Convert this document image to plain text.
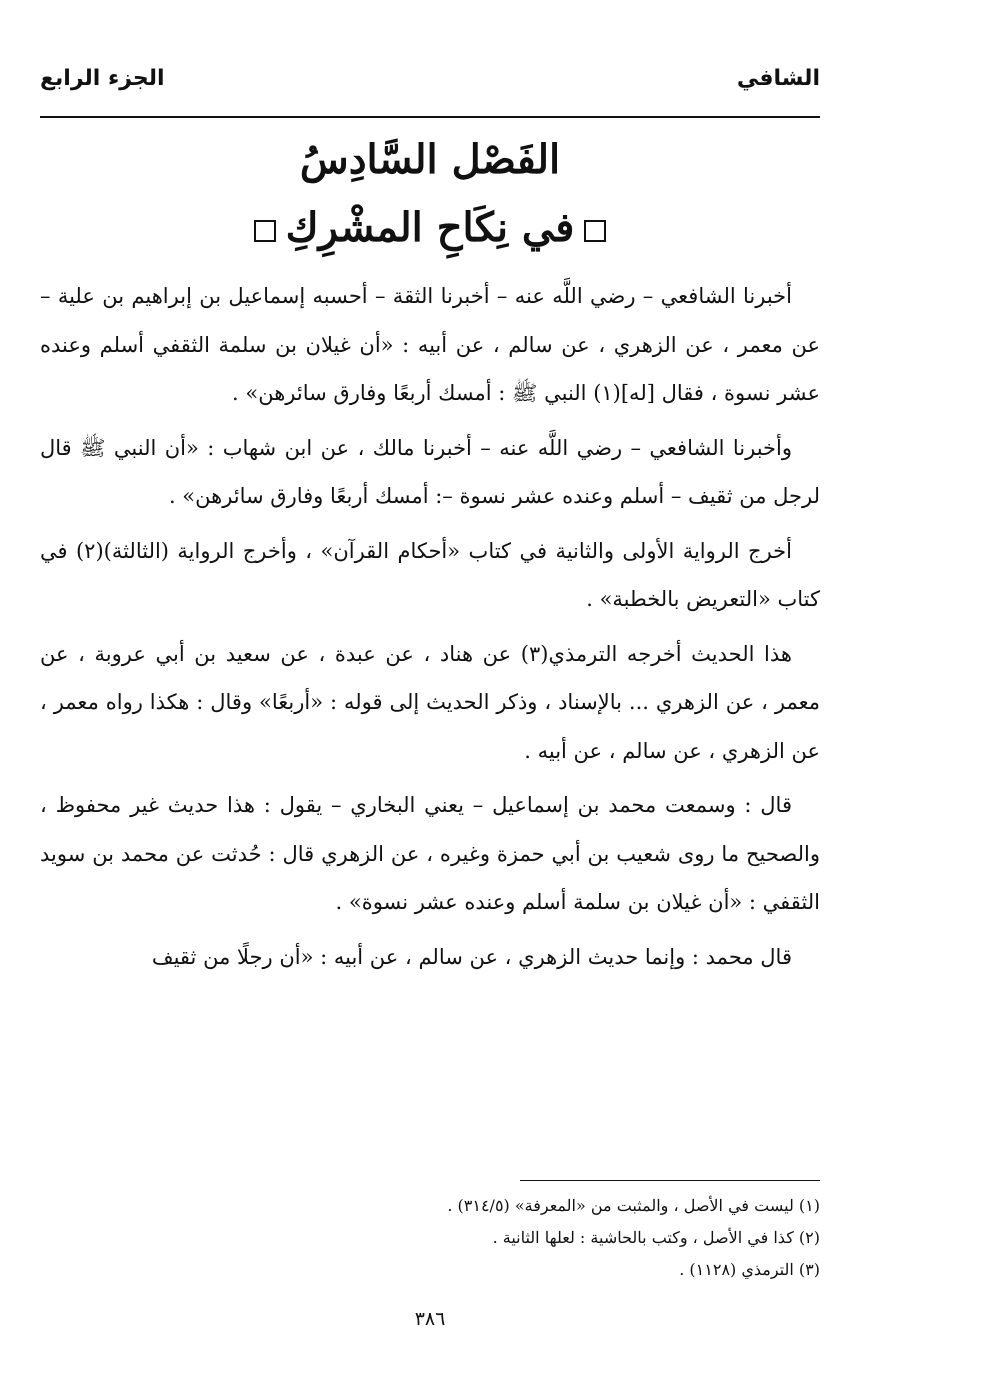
الشافي
الجزء الرابع
الفَصْل السَّادِسُ
في نِكَاحِ المشْرِكِ

أخبرنا الشافعي – رضي اللَّه عنه – أخبرنا الثقة – أحسبه إسماعيل بن إبراهيم بن علية – عن معمر ، عن الزهري ، عن سالم ، عن أبيه : «أن غيلان بن سلمة الثقفي أسلم وعنده عشر نسوة ، فقال [له](١) النبي ﷺ : أمسك أربعًا وفارق سائرهن» .

وأخبرنا الشافعي – رضي اللَّه عنه – أخبرنا مالك ، عن ابن شهاب : «أن النبي ﷺ قال لرجل من ثقيف – أسلم وعنده عشر نسوة –: أمسك أربعًا وفارق سائرهن» .

أخرج الرواية الأولى والثانية في كتاب «أحكام القرآن» ، وأخرج الرواية (الثالثة)(٢) في كتاب «التعريض بالخطبة» .

هذا الحديث أخرجه الترمذي(٣) عن هناد ، عن عبدة ، عن سعيد بن أبي عروبة ، عن معمر ، عن الزهري ... بالإسناد ، وذكر الحديث إلى قوله : «أربعًا» وقال : هكذا رواه معمر ، عن الزهري ، عن سالم ، عن أبيه .

قال : وسمعت محمد بن إسماعيل – يعني البخاري – يقول : هذا حديث غير محفوظ ، والصحيح ما روى شعيب بن أبي حمزة وغيره ، عن الزهري قال : حُدثت عن محمد بن سويد الثقفي : «أن غيلان بن سلمة أسلم وعنده عشر نسوة» .

قال محمد : وإنما حديث الزهري ، عن سالم ، عن أبيه : «أن رجلًا من ثقيف

(١) ليست في الأصل ، والمثبت من «المعرفة» (٣١٤/٥) .

(٢) كذا في الأصل ، وكتب بالحاشية : لعلها الثانية .

(٣) الترمذي (١١٢٨) .

٣٨٦
